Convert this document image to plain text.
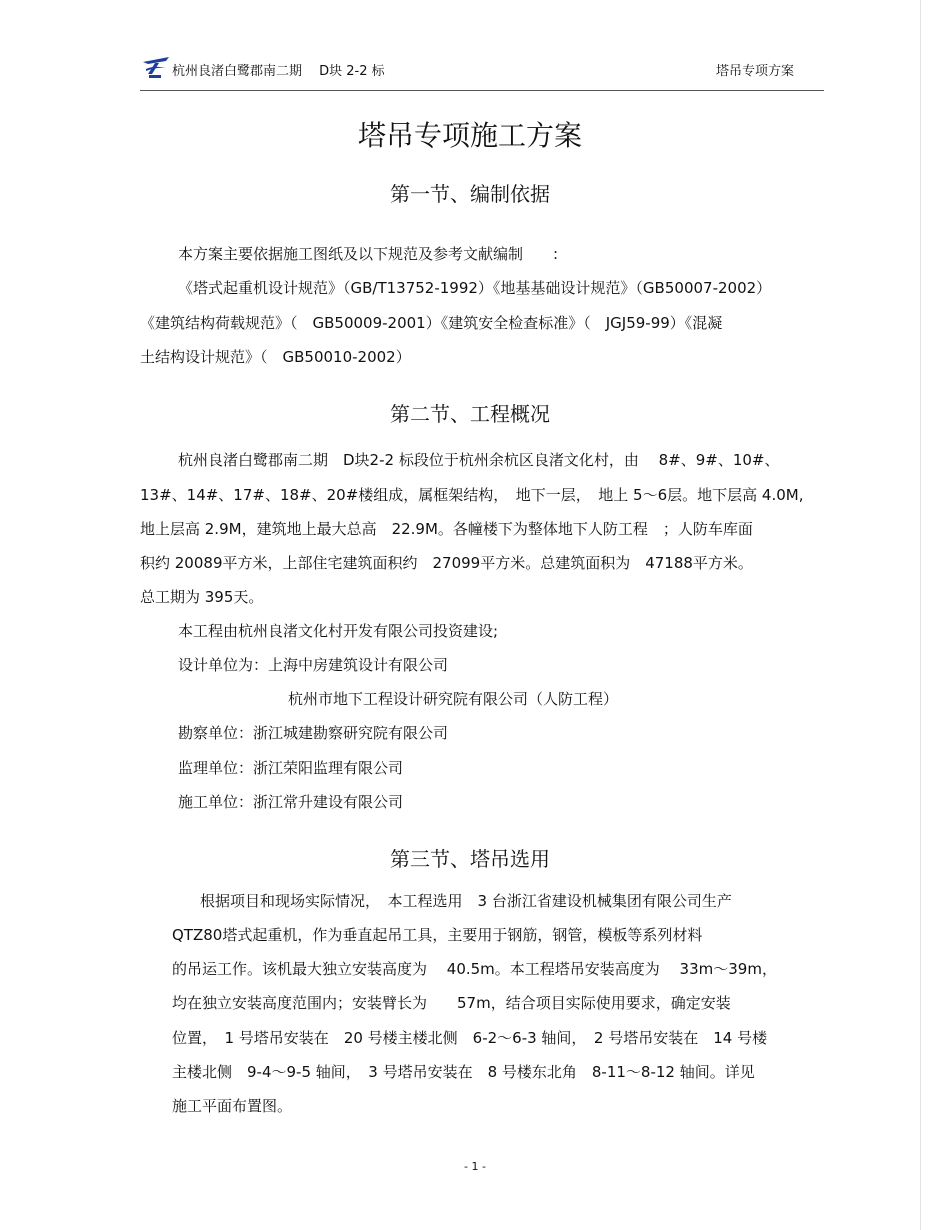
杭州良渚白鹭郡南二期　 D块 2-2 标	塔吊专项方案
塔吊专项施工方案
第一节、编制依据
本方案主要依据施工图纸及以下规范及参考文献编制　　:
《塔式起重机设计规范》（GB/T13752-1992）《地基基础设计规范》（GB50007-2002）
《建筑结构荷载规范》（　GB50009-2001）《建筑安全检查标准》（　JGJ59-99）《混凝
土结构设计规范》（　GB50010-2002）
第二节、工程概况
杭州良渚白鹭郡南二期　D块2-2 标段位于杭州余杭区良渚文化村，由　 8#、9#、10#、
13#、14#、17#、18#、20#楼组成，属框架结构，　地下一层，　地上 5～6层。地下层高 4.0M,
地上层高 2.9M，建筑地上最大总高　22.9M。各幢楼下为整体地下人防工程　；人防车库面
积约 20089平方米，上部住宅建筑面积约　27099平方米。总建筑面积为　47188平方米。
总工期为 395天。
本工程由杭州良渚文化村开发有限公司投资建设;
设计单位为：上海中房建筑设计有限公司
杭州市地下工程设计研究院有限公司（人防工程）
勘察单位：浙江城建勘察研究院有限公司
监理单位：浙江荣阳监理有限公司
施工单位：浙江常升建设有限公司
第三节、塔吊选用
根据项目和现场实际情况，　本工程选用　3 台浙江省建设机械集团有限公司生产
QTZ80塔式起重机，作为垂直起吊工具，主要用于钢筋，钢管，模板等系列材料
的吊运工作。该机最大独立安装高度为　 40.5m。本工程塔吊安装高度为　 33m～39m，
均在独立安装高度范围内；安装臂长为　　57m，结合项目实际使用要求，确定安装
位置，　1 号塔吊安装在　20 号楼主楼北侧　6-2～6-3 轴间，　2 号塔吊安装在　14 号楼
主楼北侧　9-4～9-5 轴间，　3 号塔吊安装在　8 号楼东北角　8-11～8-12 轴间。详见
施工平面布置图。
- 1 -
